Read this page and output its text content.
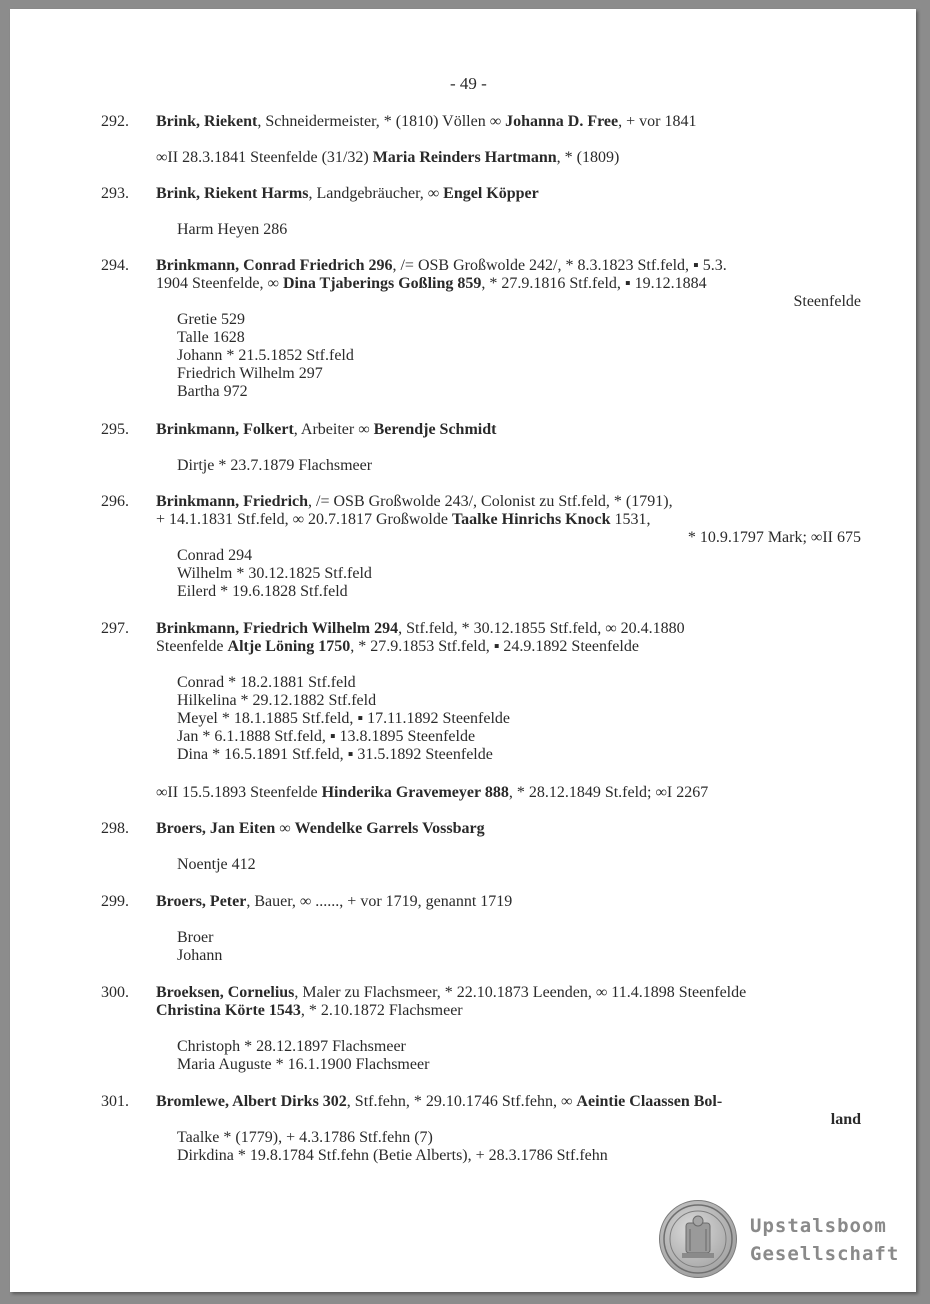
- 49 -
292. Brink, Riekent, Schneidermeister, * (1810) Völlen ∞ Johanna D. Free, + vor 1841
∞II 28.3.1841 Steenfelde (31/32) Maria Reinders Hartmann, * (1809)
293. Brink, Riekent Harms, Landgebräucher, ∞ Engel Köpper
Harm Heyen 286
294. Brinkmann, Conrad Friedrich 296, /= OSB Großwolde 242/, * 8.3.1823 Stf.feld, ▪ 5.3.
1904 Steenfelde, ∞ Dina Tjaberings Goßling 859, * 27.9.1816 Stf.feld, ▪ 19.12.1884
Steenfelde
Gretie 529
Talle 1628
Johann * 21.5.1852 Stf.feld
Friedrich Wilhelm 297
Bartha 972
295. Brinkmann, Folkert, Arbeiter ∞ Berendje Schmidt
Dirtje * 23.7.1879 Flachsmeer
296. Brinkmann, Friedrich, /= OSB Großwolde 243/, Colonist zu Stf.feld, * (1791),
+ 14.1.1831 Stf.feld, ∞ 20.7.1817 Großwolde Taalke Hinrichs Knock 1531,
* 10.9.1797 Mark; ∞II 675
Conrad 294
Wilhelm * 30.12.1825 Stf.feld
Eilerd * 19.6.1828 Stf.feld
297. Brinkmann, Friedrich Wilhelm 294, Stf.feld, * 30.12.1855 Stf.feld, ∞ 20.4.1880
Steenfelde Altje Löning 1750, * 27.9.1853 Stf.feld, ▪ 24.9.1892 Steenfelde
Conrad * 18.2.1881 Stf.feld
Hilkelina * 29.12.1882 Stf.feld
Meyel * 18.1.1885 Stf.feld, ▪ 17.11.1892 Steenfelde
Jan * 6.1.1888 Stf.feld, ▪ 13.8.1895 Steenfelde
Dina * 16.5.1891 Stf.feld, ▪ 31.5.1892 Steenfelde
∞II 15.5.1893 Steenfelde Hinderika Gravemeyer 888, * 28.12.1849 St.feld; ∞I 2267
298. Broers, Jan Eiten ∞ Wendelke Garrels Vossbarg
Noentje 412
299. Broers, Peter, Bauer, ∞ ......, + vor 1719, genannt 1719
Broer
Johann
300. Broeksen, Cornelius, Maler zu Flachsmeer, * 22.10.1873 Leenden, ∞ 11.4.1898 Steenfelde
Christina Körte 1543, * 2.10.1872 Flachsmeer
Christoph * 28.12.1897 Flachsmeer
Maria Auguste * 16.1.1900 Flachsmeer
301. Bromlewe, Albert Dirks 302, Stf.fehn, * 29.10.1746 Stf.fehn, ∞ Aeintie Claassen Bol-
land
Taalke * (1779), + 4.3.1786 Stf.fehn (7)
Dirkdina * 19.8.1784 Stf.fehn (Betie Alberts), + 28.3.1786 Stf.fehn
Upstalsboom
Gesellschaft
